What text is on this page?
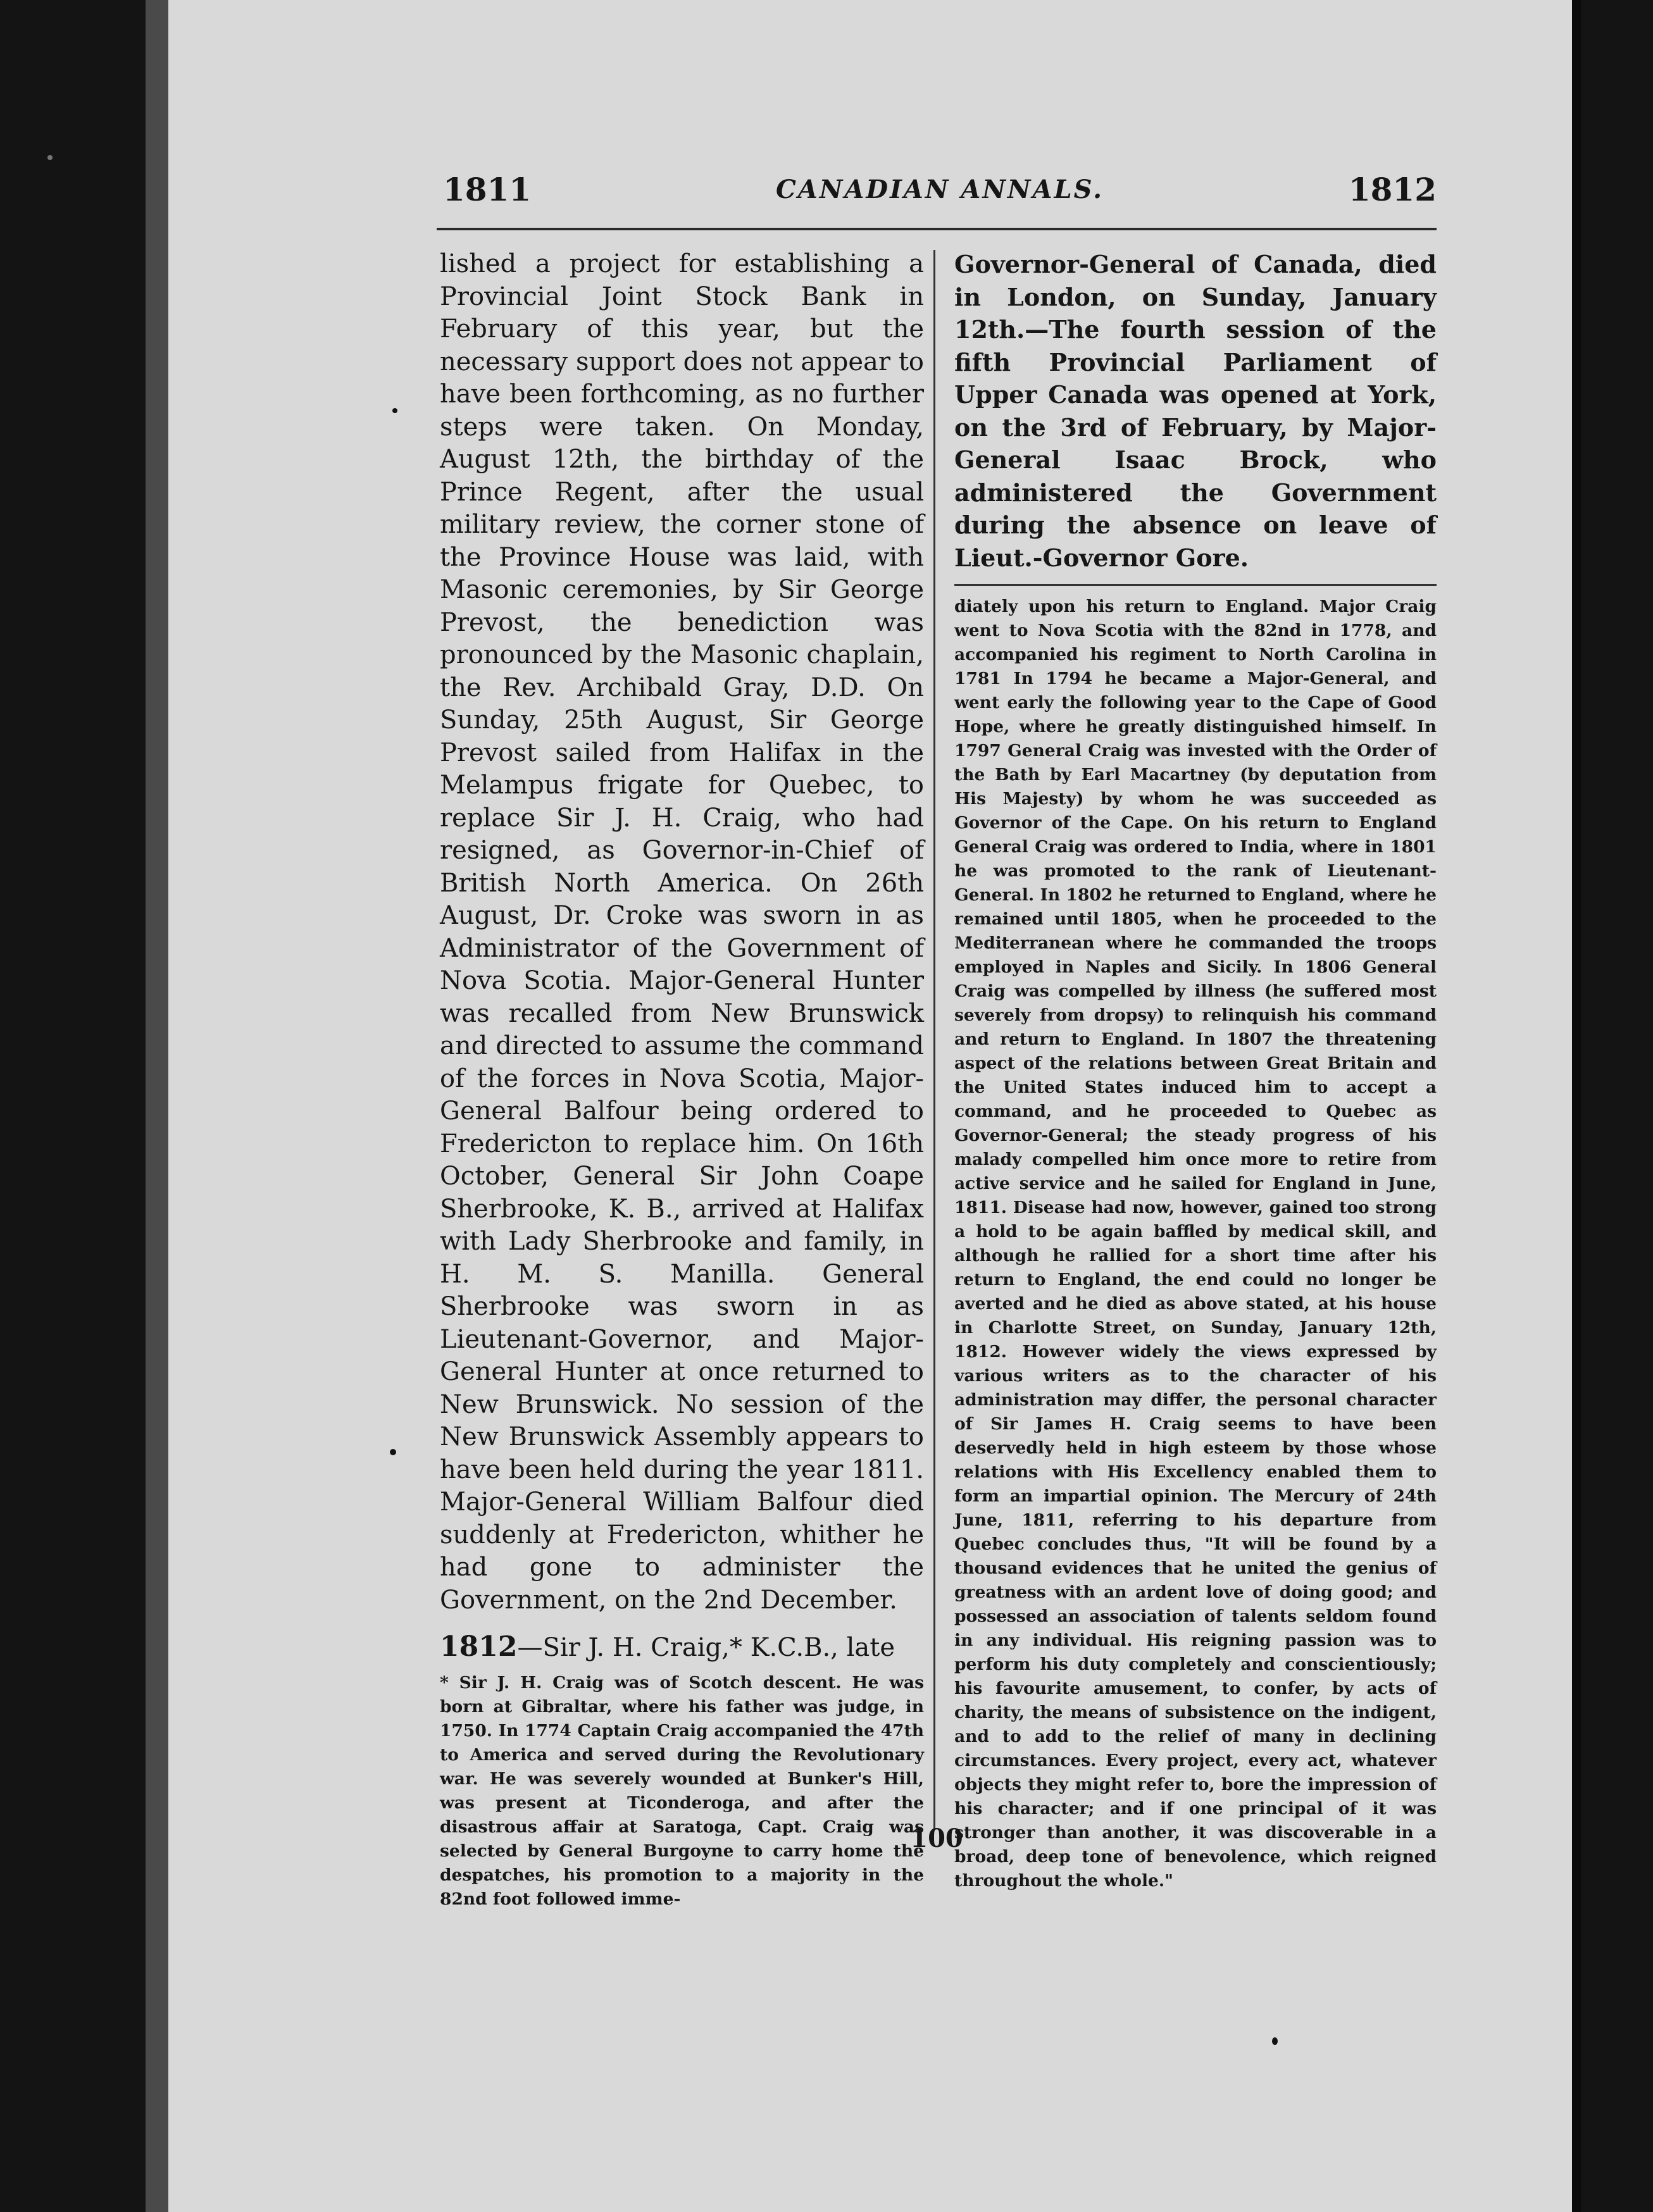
1811	CANADIAN ANNALS.	1812

lished a project for establishing a Provincial Joint Stock Bank in February of this year, but the necessary support does not appear to have been forthcoming, as no further steps were taken. On Monday, August 12th, the birthday of the Prince Regent, after the usual military review, the corner stone of the Province House was laid, with Masonic ceremonies, by Sir George Prevost, the benediction was pronounced by the Masonic chaplain, the Rev. Archibald Gray, D.D. On Sunday, 25th August, Sir George Prevost sailed from Halifax in the Melampus frigate for Quebec, to replace Sir J. H. Craig, who had resigned, as Governor-in-Chief of British North America. On 26th August, Dr. Croke was sworn in as Administrator of the Government of Nova Scotia. Major-General Hunter was recalled from New Brunswick and directed to assume the command of the forces in Nova Scotia, Major-General Balfour being ordered to Fredericton to replace him. On 16th October, General Sir John Coape Sherbrooke, K. B., arrived at Halifax with Lady Sherbrooke and family, in H. M. S. Manilla. General Sherbrooke was sworn in as Lieutenant-Governor, and Major-General Hunter at once returned to New Brunswick. No session of the New Brunswick Assembly appears to have been held during the year 1811. Major-General William Balfour died suddenly at Fredericton, whither he had gone to administer the Government, on the 2nd December.

1812—Sir J. H. Craig,* K.C.B., late

* Sir J. H. Craig was of Scotch descent. He was born at Gibraltar, where his father was judge, in 1750. In 1774 Captain Craig accompanied the 47th to America and served during the Revolutionary war. He was severely wounded at Bunker's Hill, was present at Ticonderoga, and after the disastrous affair at Saratoga, Capt. Craig was selected by General Burgoyne to carry home the despatches, his promotion to a majority in the 82nd foot followed imme-

Governor-General of Canada, died in London, on Sunday, January 12th.—The fourth session of the fifth Provincial Parliament of Upper Canada was opened at York, on the 3rd of February, by Major-General Isaac Brock, who administered the Government during the absence on leave of Lieut.-Governor Gore.

diately upon his return to England. Major Craig went to Nova Scotia with the 82nd in 1778, and accompanied his regiment to North Carolina in 1781 In 1794 he became a Major-General, and went early the following year to the Cape of Good Hope, where he greatly distinguished himself. In 1797 General Craig was invested with the Order of the Bath by Earl Macartney (by deputation from His Majesty) by whom he was succeeded as Governor of the Cape. On his return to England General Craig was ordered to India, where in 1801 he was promoted to the rank of Lieutenant-General. In 1802 he returned to England, where he remained until 1805, when he proceeded to the Mediterranean where he commanded the troops employed in Naples and Sicily. In 1806 General Craig was compelled by illness (he suffered most severely from dropsy) to relinquish his command and return to England. In 1807 the threatening aspect of the relations between Great Britain and the United States induced him to accept a command, and he proceeded to Quebec as Governor-General; the steady progress of his malady compelled him once more to retire from active service and he sailed for England in June, 1811. Disease had now, however, gained too strong a hold to be again baffled by medical skill, and although he rallied for a short time after his return to England, the end could no longer be averted and he died as above stated, at his house in Charlotte Street, on Sunday, January 12th, 1812. However widely the views expressed by various writers as to the character of his administration may differ, the personal character of Sir James H. Craig seems to have been deservedly held in high esteem by those whose relations with His Excellency enabled them to form an impartial opinion. The Mercury of 24th June, 1811, referring to his departure from Quebec concludes thus, "It will be found by a thousand evidences that he united the genius of greatness with an ardent love of doing good; and possessed an association of talents seldom found in any individual. His reigning passion was to perform his duty completely and conscientiously; his favourite amusement, to confer, by acts of charity, the means of subsistence on the indigent, and to add to the relief of many in declining circumstances. Every project, every act, whatever objects they might refer to, bore the impression of his character; and if one principal of it was stronger than another, it was discoverable in a broad, deep tone of benevolence, which reigned throughout the whole."

100
